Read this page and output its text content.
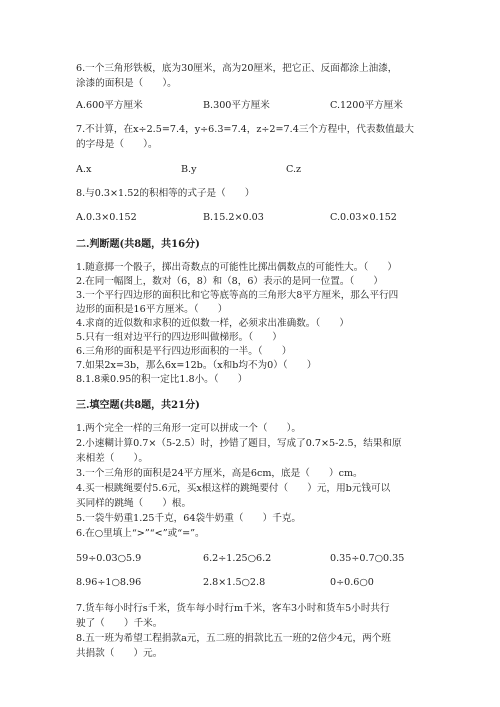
6.一个三角形铁板，底为30厘米，高为20厘米，把它正、反面都涂上油漆，
涂漆的面积是（　　）。
A.600平方厘米	B.300平方厘米	C.1200平方厘米
7.不计算，在x÷2.5=7.4，y÷6.3=7.4，z÷2=7.4三个方程中，代表数值最大
的字母是（　　）。
A.x	B.y	C.z
8.与0.3×1.52的积相等的式子是（　　）
A.0.3×0.152	B.15.2×0.03	C.0.03×0.152
二.判断题(共8题，共16分)
1.随意掷一个骰子，掷出奇数点的可能性比掷出偶数点的可能性大。（　　）
2.在同一幅图上，数对（6，8）和（8，6）表示的是同一位置。（　　）
3.一个平行四边形的面积比和它等底等高的三角形大8平方厘米，那么平行四
边形的面积是16平方厘米。（　　）
4.求商的近似数和求积的近似数一样，必须求出准确数。（　　）
5.只有一组对边平行的四边形叫做梯形。（　　）
6.三角形的面积是平行四边形面积的一半。（　　）
7.如果2x=3b，那么6x=12b。（x和b均不为0）（　　）
8.1.8乘0.95的积一定比1.8小。（　　）
三.填空题(共8题，共21分)
1.两个完全一样的三角形一定可以拼成一个（　　）。
2.小速糊计算0.7×（5-2.5）时，抄错了题目，写成了0.7×5-2.5，结果和原
来相差（　　）。
3.一个三角形的面积是24平方厘米，高是6cm，底是（　　）cm。
4.买一根跳绳要付5.6元，买x根这样的跳绳要付（　　）元，用b元钱可以
买同样的跳绳（　　）根。
5.一袋牛奶重1.25千克，64袋牛奶重（　　）千克。
6.在○里填上“>”“<”或“=”。
59÷0.03○5.9	6.2÷1.25○6.2	0.35÷0.7○0.35
8.96÷1○8.96	2.8×1.5○2.8	0÷0.6○0
7.货车每小时行s千米，货车每小时行m千米，客车3小时和货车5小时共行
驶了（　　）千米。
8.五一班为希望工程捐款a元，五二班的捐款比五一班的2倍少4元，两个班
共捐款（　　）元。
